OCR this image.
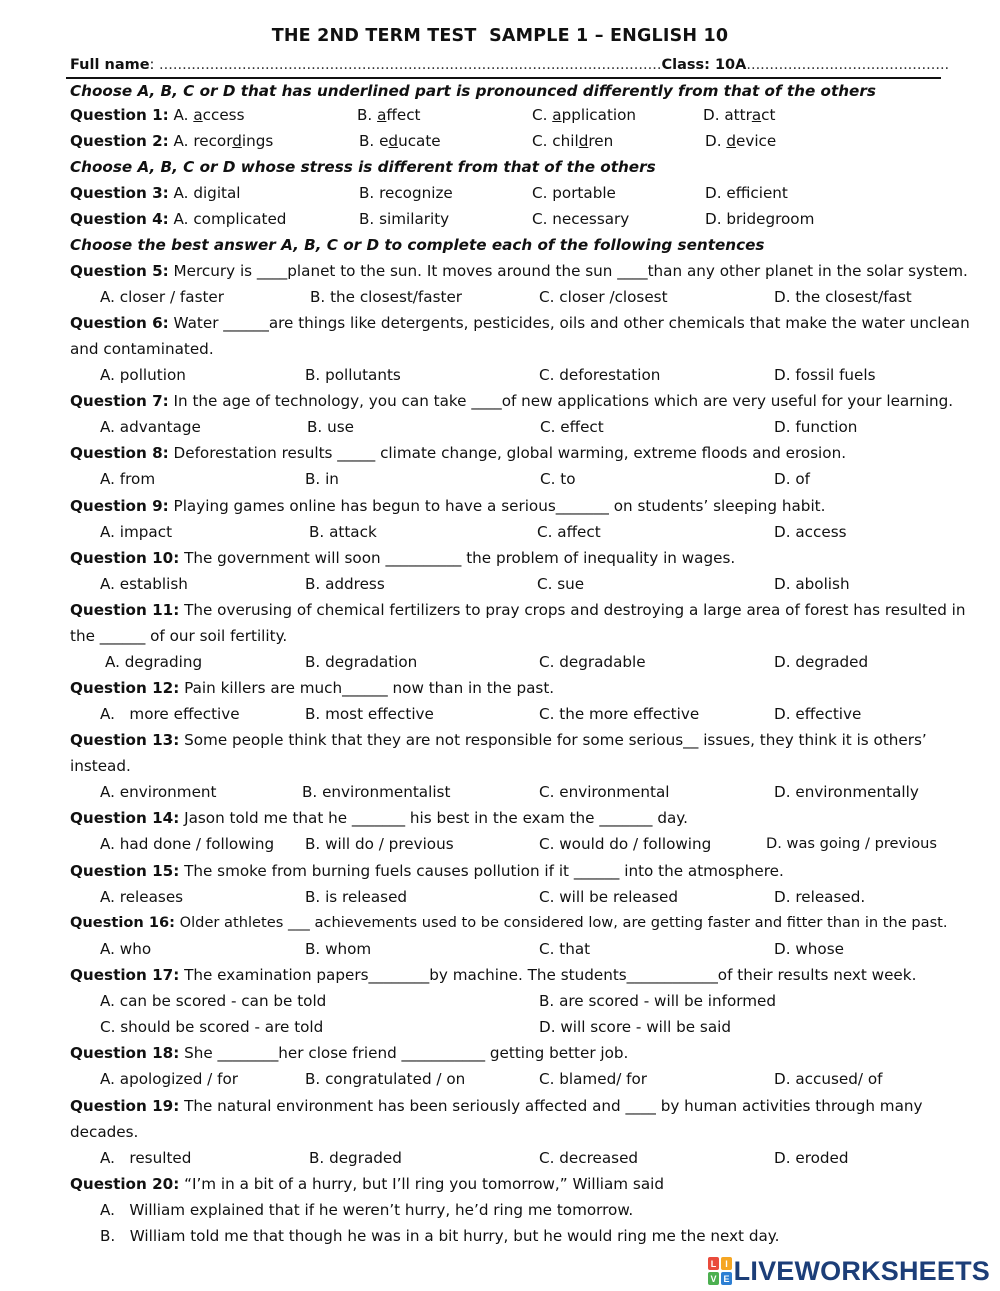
THE 2ND TERM TEST  SAMPLE 1 – ENGLISH 10
Full name: .............................................................................................................Class: 10A............................................
Choose A, B, C or D that has underlined part is pronounced differently from that of the others
Question 1: A. access	B. affect	C. application	D. attract
Question 2: A. recordings	B. educate	C. children	D. device
Choose A, B, C or D whose stress is different from that of the others
Question 3: A. digital	B. recognize	C. portable	D. efficient
Question 4: A. complicated	B. similarity	C. necessary	D. bridegroom
Choose the best answer A, B, C or D to complete each of the following sentences
Question 5: Mercury is ____planet to the sun. It moves around the sun ____than any other planet in the solar system.
A. closer / faster	B. the closest/faster	C. closer /closest	D. the closest/fast
Question 6: Water ______are things like detergents, pesticides, oils and other chemicals that make the water unclean
and contaminated.
A. pollution	B. pollutants	C. deforestation	D. fossil fuels
Question 7: In the age of technology, you can take ____of new applications which are very useful for your learning.
A. advantage	B. use	C. effect	D. function
Question 8: Deforestation results _____ climate change, global warming, extreme floods and erosion.
A. from	B. in	C. to	D. of
Question 9: Playing games online has begun to have a serious_______ on students’ sleeping habit.
A. impact	B. attack	C. affect	D. access
Question 10: The government will soon __________ the problem of inequality in wages.
A. establish	B. address	C. sue	D. abolish
Question 11: The overusing of chemical fertilizers to pray crops and destroying a large area of forest has resulted in
the ______ of our soil fertility.
A. degrading	B. degradation	C. degradable	D. degraded
Question 12: Pain killers are much______ now than in the past.
A.   more effective	B. most effective	C. the more effective	D. effective
Question 13: Some people think that they are not responsible for some serious__ issues, they think it is others’
instead.
A. environment	B. environmentalist	C. environmental	D. environmentally
Question 14: Jason told me that he _______ his best in the exam the _______ day.
A. had done / following B. will do / previous	C. would do / following	D. was going / previous
Question 15: The smoke from burning fuels causes pollution if it ______ into the atmosphere.
A. releases	B. is released	C. will be released	D. released.
Question 16: Older athletes ___ achievements used to be considered low, are getting faster and fitter than in the past.
A. who	B. whom	C. that	D. whose
Question 17: The examination papers________by machine. The students____________of their results next week.
A. can be scored - can be told	B. are scored - will be informed
C. should be scored - are told	D. will score - will be said
Question 18: She ________her close friend ___________ getting better job.
A. apologized / for	B. congratulated / on	C. blamed/ for	D. accused/ of
Question 19: The natural environment has been seriously affected and ____ by human activities through many
decades.
A.   resulted	B. degraded	C. decreased	D. eroded
Question 20: “I’m in a bit of a hurry, but I’ll ring you tomorrow,” William said
A.   William explained that if he weren’t hurry, he’d ring me tomorrow.
B.   William told me that though he was in a bit hurry, but he would ring me the next day.
L I
V E LIVEWORKSHEETS
